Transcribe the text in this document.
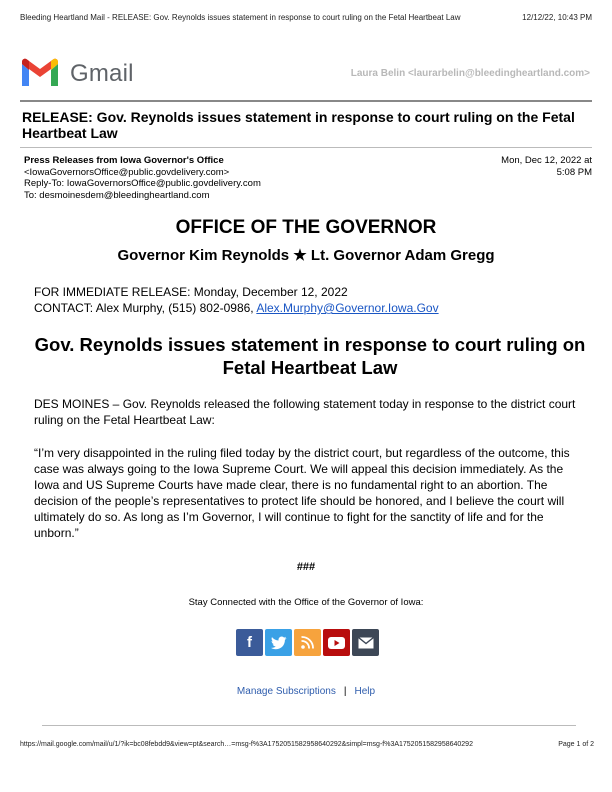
Bleeding Heartland Mail - RELEASE: Gov. Reynolds issues statement in response to court ruling on the Fetal Heartbeat Law	12/12/22, 10:43 PM
Gmail	Laura Belin <laurarbelin@bleedingheartland.com>
RELEASE: Gov. Reynolds issues statement in response to court ruling on the Fetal Heartbeat Law
Press Releases from Iowa Governor's Office
<IowaGovernorsOffice@public.govdelivery.com>
Reply-To: IowaGovernorsOffice@public.govdelivery.com
To: desmoinesdem@bleedingheartland.com
Mon, Dec 12, 2022 at 5:08 PM
OFFICE OF THE GOVERNOR
Governor Kim Reynolds ★ Lt. Governor Adam Gregg
FOR IMMEDIATE RELEASE: Monday, December 12, 2022
CONTACT: Alex Murphy, (515) 802-0986, Alex.Murphy@Governor.Iowa.Gov
Gov. Reynolds issues statement in response to court ruling on Fetal Heartbeat Law
DES MOINES – Gov. Reynolds released the following statement today in response to the district court ruling on the Fetal Heartbeat Law:
“I’m very disappointed in the ruling filed today by the district court, but regardless of the outcome, this case was always going to the Iowa Supreme Court. We will appeal this decision immediately. As the Iowa and US Supreme Courts have made clear, there is no fundamental right to an abortion. The decision of the people’s representatives to protect life should be honored, and I believe the court will ultimately do so. As long as I’m Governor, I will continue to fight for the sanctity of life and for the unborn.”
###
Stay Connected with the Office of the Governor of Iowa:
f
Manage Subscriptions | Help
https://mail.google.com/mail/u/1/?ik=bc08febdd9&view=pt&search…=msg-f%3A1752051582958640292&simpl=msg-f%3A1752051582958640292	Page 1 of 2
